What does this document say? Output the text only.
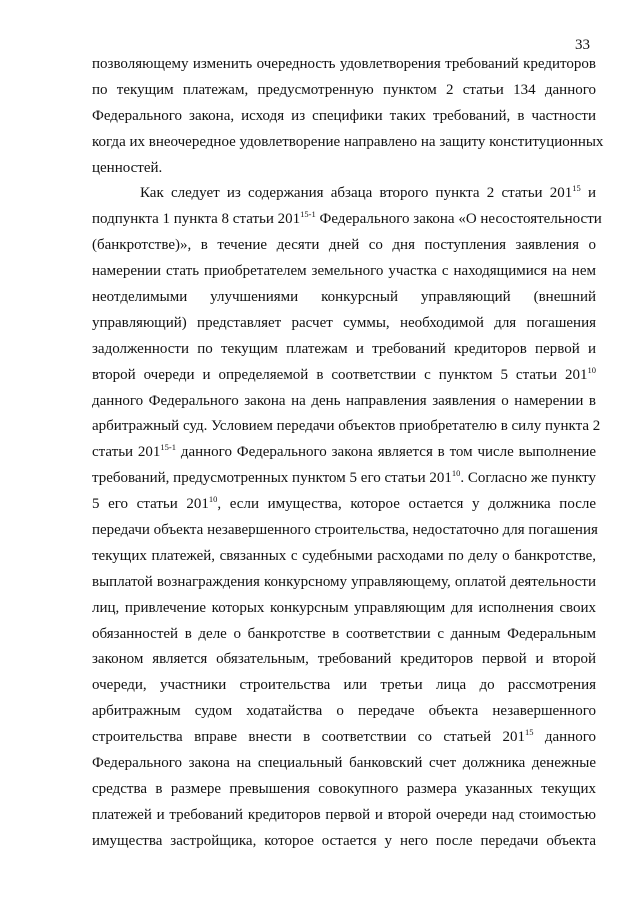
33
позволяющему изменить очередность удовлетворения требований кредиторов
по текущим платежам, предусмотренную пунктом 2 статьи 134 данного
Федерального закона, исходя из специфики таких требований, в частности
когда их внеочередное удовлетворение направлено на защиту конституционных
ценностей.
Как следует из содержания абзаца второго пункта 2 статьи $201^{15}$ и
подпункта 1 пункта 8 статьи 201$^{15-1}$ Федерального закона «О несостоятельности
(банкротстве)», в течение десяти дней со дня поступления заявления о
намерении стать приобретателем земельного участка с находящимися на нем
неотделимыми улучшениями конкурсный управляющий (внешний
управляющий) представляет расчет суммы, необходимой для погашения
задолженности по текущим платежам и требований кредиторов первой и
второй очереди и определяемой в соответствии с пунктом 5 статьи $201^{10}$
данного Федерального закона на день направления заявления о намерении в
арбитражный суд. Условием передачи объектов приобретателю в силу пункта 2
статьи 201$^{15-1}$ данного Федерального закона является в том числе выполнение
требований, предусмотренных пунктом 5 его статьи $201^{10}$. Согласно же пункту
5 его статьи $201^{10}$, если имущества, которое остается у должника после
передачи объекта незавершенного строительства, недостаточно для погашения
текущих платежей, связанных с судебными расходами по делу о банкротстве,
выплатой вознаграждения конкурсному управляющему, оплатой деятельности
лиц, привлечение которых конкурсным управляющим для исполнения своих
обязанностей в деле о банкротстве в соответствии с данным Федеральным
законом является обязательным, требований кредиторов первой и второй
очереди, участники строительства или третьи лица до рассмотрения
арбитражным судом ходатайства о передаче объекта незавершенного
строительства вправе внести в соответствии со статьей $201^{15}$ данного
Федерального закона на специальный банковский счет должника денежные
средства в размере превышения совокупного размера указанных текущих
платежей и требований кредиторов первой и второй очереди над стоимостью
имущества застройщика, которое остается у него после передачи объекта
